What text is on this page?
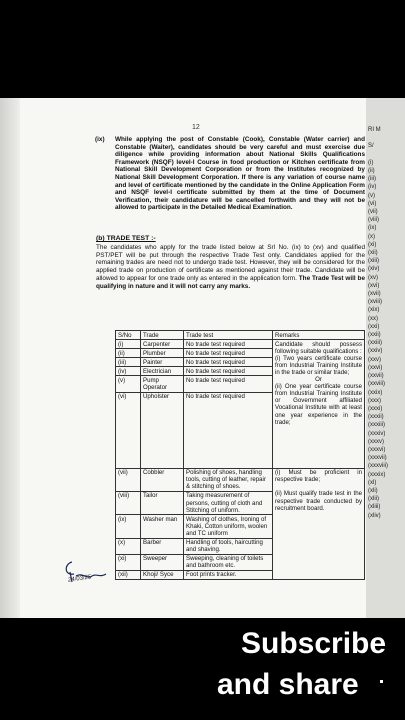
12
(ix) While applying the post of Constable (Cook), Constable (Water carrier) and Constable (Waiter), candidates should be very careful and must exercise due diligence while providing information about National Skills Qualifications Framework (NSQF) level-I Course in food production or Kitchen certificate from National Skill Development Corporation or from the Institutes recognized by National Skill Development Corporation. If there is any variation of course name and level of certificate mentioned by the candidate in the Online Application Form and NSQF level-I certificate submitted by them at the time of Document Verification, their candidature will be cancelled forthwith and they will not be allowed to participate in the Detailed Medical Examination.

(b) TRADE TEST :-
The candidates who apply for the trade listed below at Srl No. (ix) to (xv) and qualified PST/PET will be put through the respective Trade Test only. Candidates applied for the remaining trades are need not to undergo trade test. However, they will be considered for the applied trade on production of certificate as mentioned against their trade. Candidate will be allowed to appear for one trade only as entered in the application form. The Trade Test will be qualifying in nature and it will not carry any marks.
S/No	Trade	Trade test	Remarks
(i)	Carpenter	No trade test required	Candidate should possess following suitable qualifications :
(i) Two years certificate course from Industrial Training Institute in the trade or similar trade;
Or
(ii) One year certificate course from Industrial Training Institute or Government affiliated Vocational Institute with at least one year experience in the trade;
(ii)	Plumber	No trade test required	
(iii)	Painter	No trade test required	
(iv)	Electrician	No trade test required	
(v)	Pump Operator	No trade test required	
(vi)	Upholster	No trade test required	
(vii)	Cobbler	Polishing of shoes, handling tools, cutting of leather, repair & stitching of shoes.	(i) Must be proficient in respective trade;

(ii) Must qualify trade test in the respective trade conducted by recruitment board.
(viii)	Tailor	Taking measurement of persons, cutting of cloth and Stitching of uniform.	
(ix)	Washer man	Washing of clothes, Ironing of Khaki, Cotton uniform, woolen and TC uniform	
(x)	Barber	Handling of tools, haircutting and shaving.	
(xi)	Sweeper	Sweeping, cleaning of toilets and bathroom etc.	
(xii)	Khoji/ Syce	Foot prints tracker.	
24/03/25
RI M

S/

(i)
(ii)
(iii)
(iv)
(v)
(vi)
(vii)
(viii)
(ix)
(x)
(xi)
(xii)
(xiii)
(xiv)
(xv)
(xvi)
(xvii)
(xviii)
(xix)
(xx)
(xxi)
(xxii)
(xxiii)
(xxiv)
(xxv)
(xxvi)
(xxvii)
(xxviii)
(xxix)
(xxx)
(xxxi)
(xxxii)
(xxxiii)
(xxxiv)
(xxxv)
(xxxvi)
(xxxvii)
(xxxviii)
(xxxix)
(xl)
(xli)
(xlii)
(xliii)
(xliv)
Subscribe
and share
